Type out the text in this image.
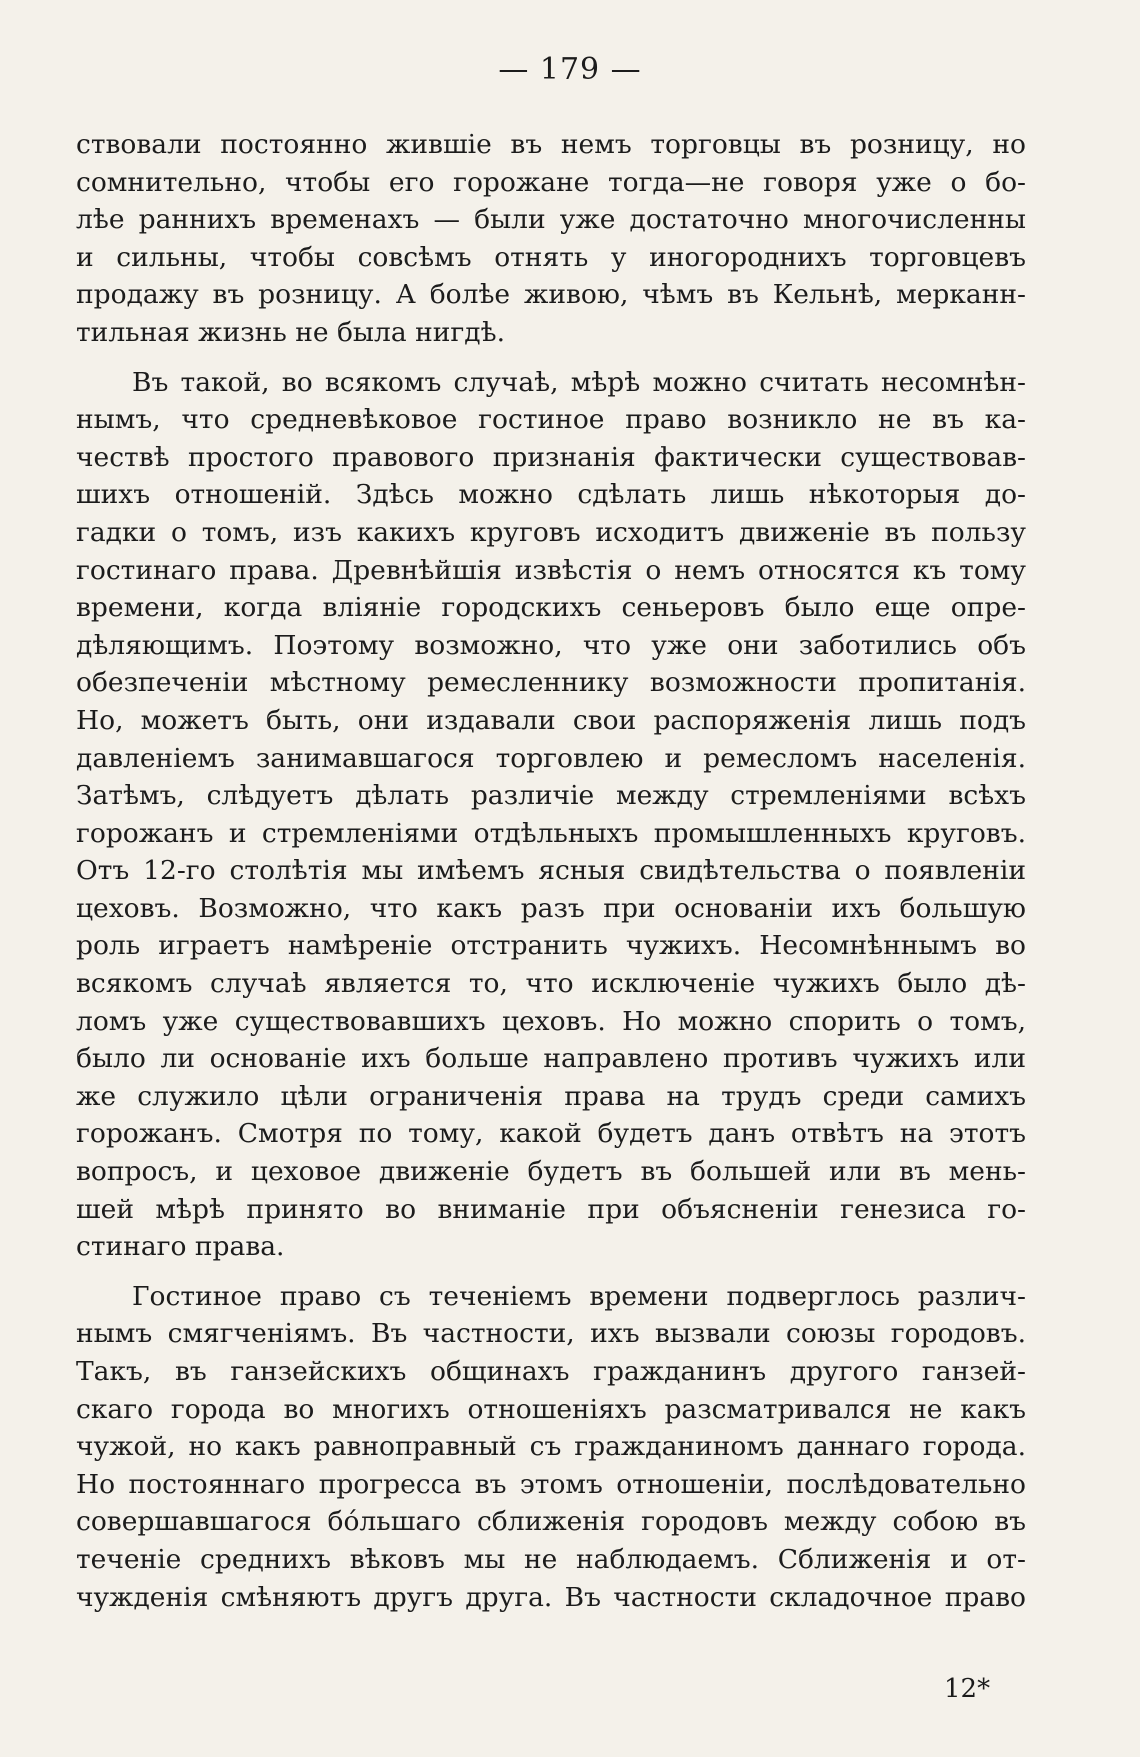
— 179 —
ствовали постоянно жившіе въ немъ торговцы въ розницу, но
сомнительно, чтобы его горожане тогда—не говоря уже о бо-
лѣе раннихъ временахъ — были уже достаточно многочисленны
и сильны, чтобы совсѣмъ отнять у иногороднихъ торговцевъ
продажу въ розницу. А болѣе живою, чѣмъ въ Кельнѣ, мерканн-
тильная жизнь не была нигдѣ.
Въ такой, во всякомъ случаѣ, мѣрѣ можно считать несомнѣн-
нымъ, что средневѣковое гостиное право возникло не въ ка-
чествѣ простого правового признанія фактически существовав-
шихъ отношеній. Здѣсь можно сдѣлать лишь нѣкоторыя до-
гадки о томъ, изъ какихъ круговъ исходитъ движеніе въ пользу
гостинаго права. Древнѣйшія извѣстія о немъ относятся къ тому
времени, когда вліяніе городскихъ сеньеровъ было еще опре-
дѣляющимъ. Поэтому возможно, что уже они заботились объ
обезпеченіи мѣстному ремесленнику возможности пропитанія.
Но, можетъ быть, они издавали свои распоряженія лишь подъ
давленіемъ занимавшагося торговлею и ремесломъ населенія.
Затѣмъ, слѣдуетъ дѣлать различіе между стремленіями всѣхъ
горожанъ и стремленіями отдѣльныхъ промышленныхъ круговъ.
Отъ 12-го столѣтія мы имѣемъ ясныя свидѣтельства о появленіи
цеховъ. Возможно, что какъ разъ при основаніи ихъ большую
роль играетъ намѣреніе отстранить чужихъ. Несомнѣннымъ во
всякомъ случаѣ является то, что исключеніе чужихъ было дѣ-
ломъ уже существовавшихъ цеховъ. Но можно спорить о томъ,
было ли основаніе ихъ больше направлено противъ чужихъ или
же служило цѣли ограниченія права на трудъ среди самихъ
горожанъ. Смотря по тому, какой будетъ данъ отвѣтъ на этотъ
вопросъ, и цеховое движеніе будетъ въ большей или въ мень-
шей мѣрѣ принято во вниманіе при объясненіи генезиса го-
стинаго права.
Гостиное право съ теченіемъ времени подверглось различ-
нымъ смягченіямъ. Въ частности, ихъ вызвали союзы городовъ.
Такъ, въ ганзейскихъ общинахъ гражданинъ другого ганзей-
скаго города во многихъ отношеніяхъ разсматривался не какъ
чужой, но какъ равноправный съ гражданиномъ даннаго города.
Но постояннаго прогресса въ этомъ отношеніи, послѣдовательно
совершавшагося бóльшаго сближенія городовъ между собою въ
теченіе среднихъ вѣковъ мы не наблюдаемъ. Сближенія и от-
чужденія смѣняютъ другъ друга. Въ частности складочное право
12*
